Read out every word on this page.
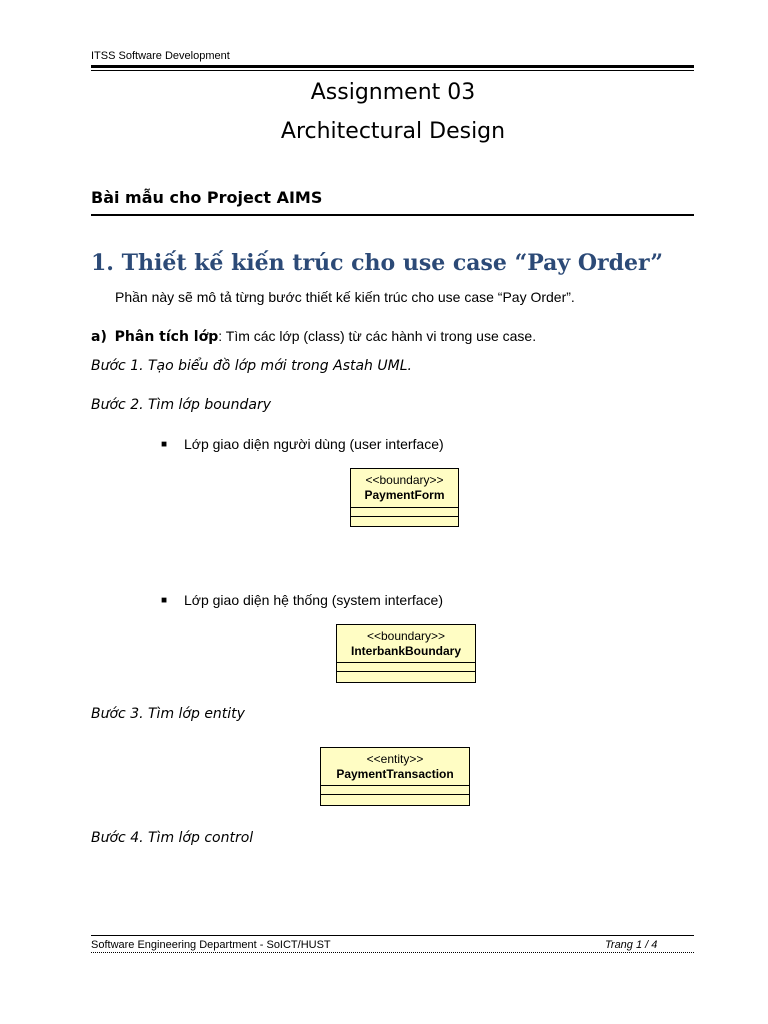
ITSS Software Development
Assignment 03
Architectural Design
Bài mẫu cho Project AIMS
1. Thiết kế kiến trúc cho use case “Pay Order”
Phần này sẽ mô tả từng bước thiết kế kiến trúc cho use case “Pay Order”.
a) Phân tích lớp: Tìm các lớp (class) từ các hành vi trong use case.
Bước 1. Tạo biểu đồ lớp mới trong Astah UML.
Bước 2. Tìm lớp boundary
■ Lớp giao diện người dùng (user interface)
<<boundary>>
PaymentForm
■ Lớp giao diện hệ thống (system interface)
<<boundary>>
InterbankBoundary
Bước 3. Tìm lớp entity
<<entity>>
PaymentTransaction
Bước 4. Tìm lớp control
Software Engineering Department - SoICT/HUST	Trang 1 / 4
